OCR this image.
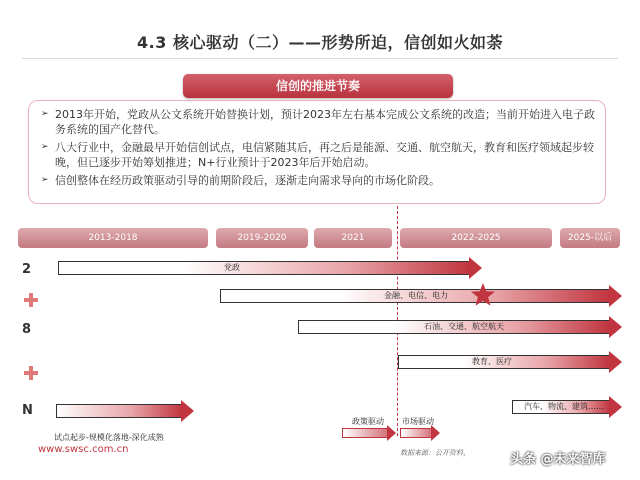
4.3 核心驱动（二）——形势所迫，信创如火如荼
信创的推进节奏
➢ 2013年开始，党政从公文系统开始替换计划，预计2023年左右基本完成公文系统的改造；当前开始进入电子政务系统的国产化替代。
➢ 八大行业中，金融最早开始信创试点，电信紧随其后，再之后是能源、交通、航空航天，教育和医疗领域起步较晚，但已逐步开始筹划推进；N+行业预计于2023年后开始启动。
➢ 信创整体在经历政策驱动引导的前期阶段后，逐渐走向需求导向的市场化阶段。
2013-2018	2019-2020	2021	2022-2025	2025-以后
2
8
N
党政
金融、电信、电力
石油、交通、航空航天
教育、医疗
汽车、物流、建筑……
试点起步-规模化落地-深化成熟
政策驱动 市场驱动
www.swsc.com.cn	数据来源：公开资料，	头条 @未来智库
